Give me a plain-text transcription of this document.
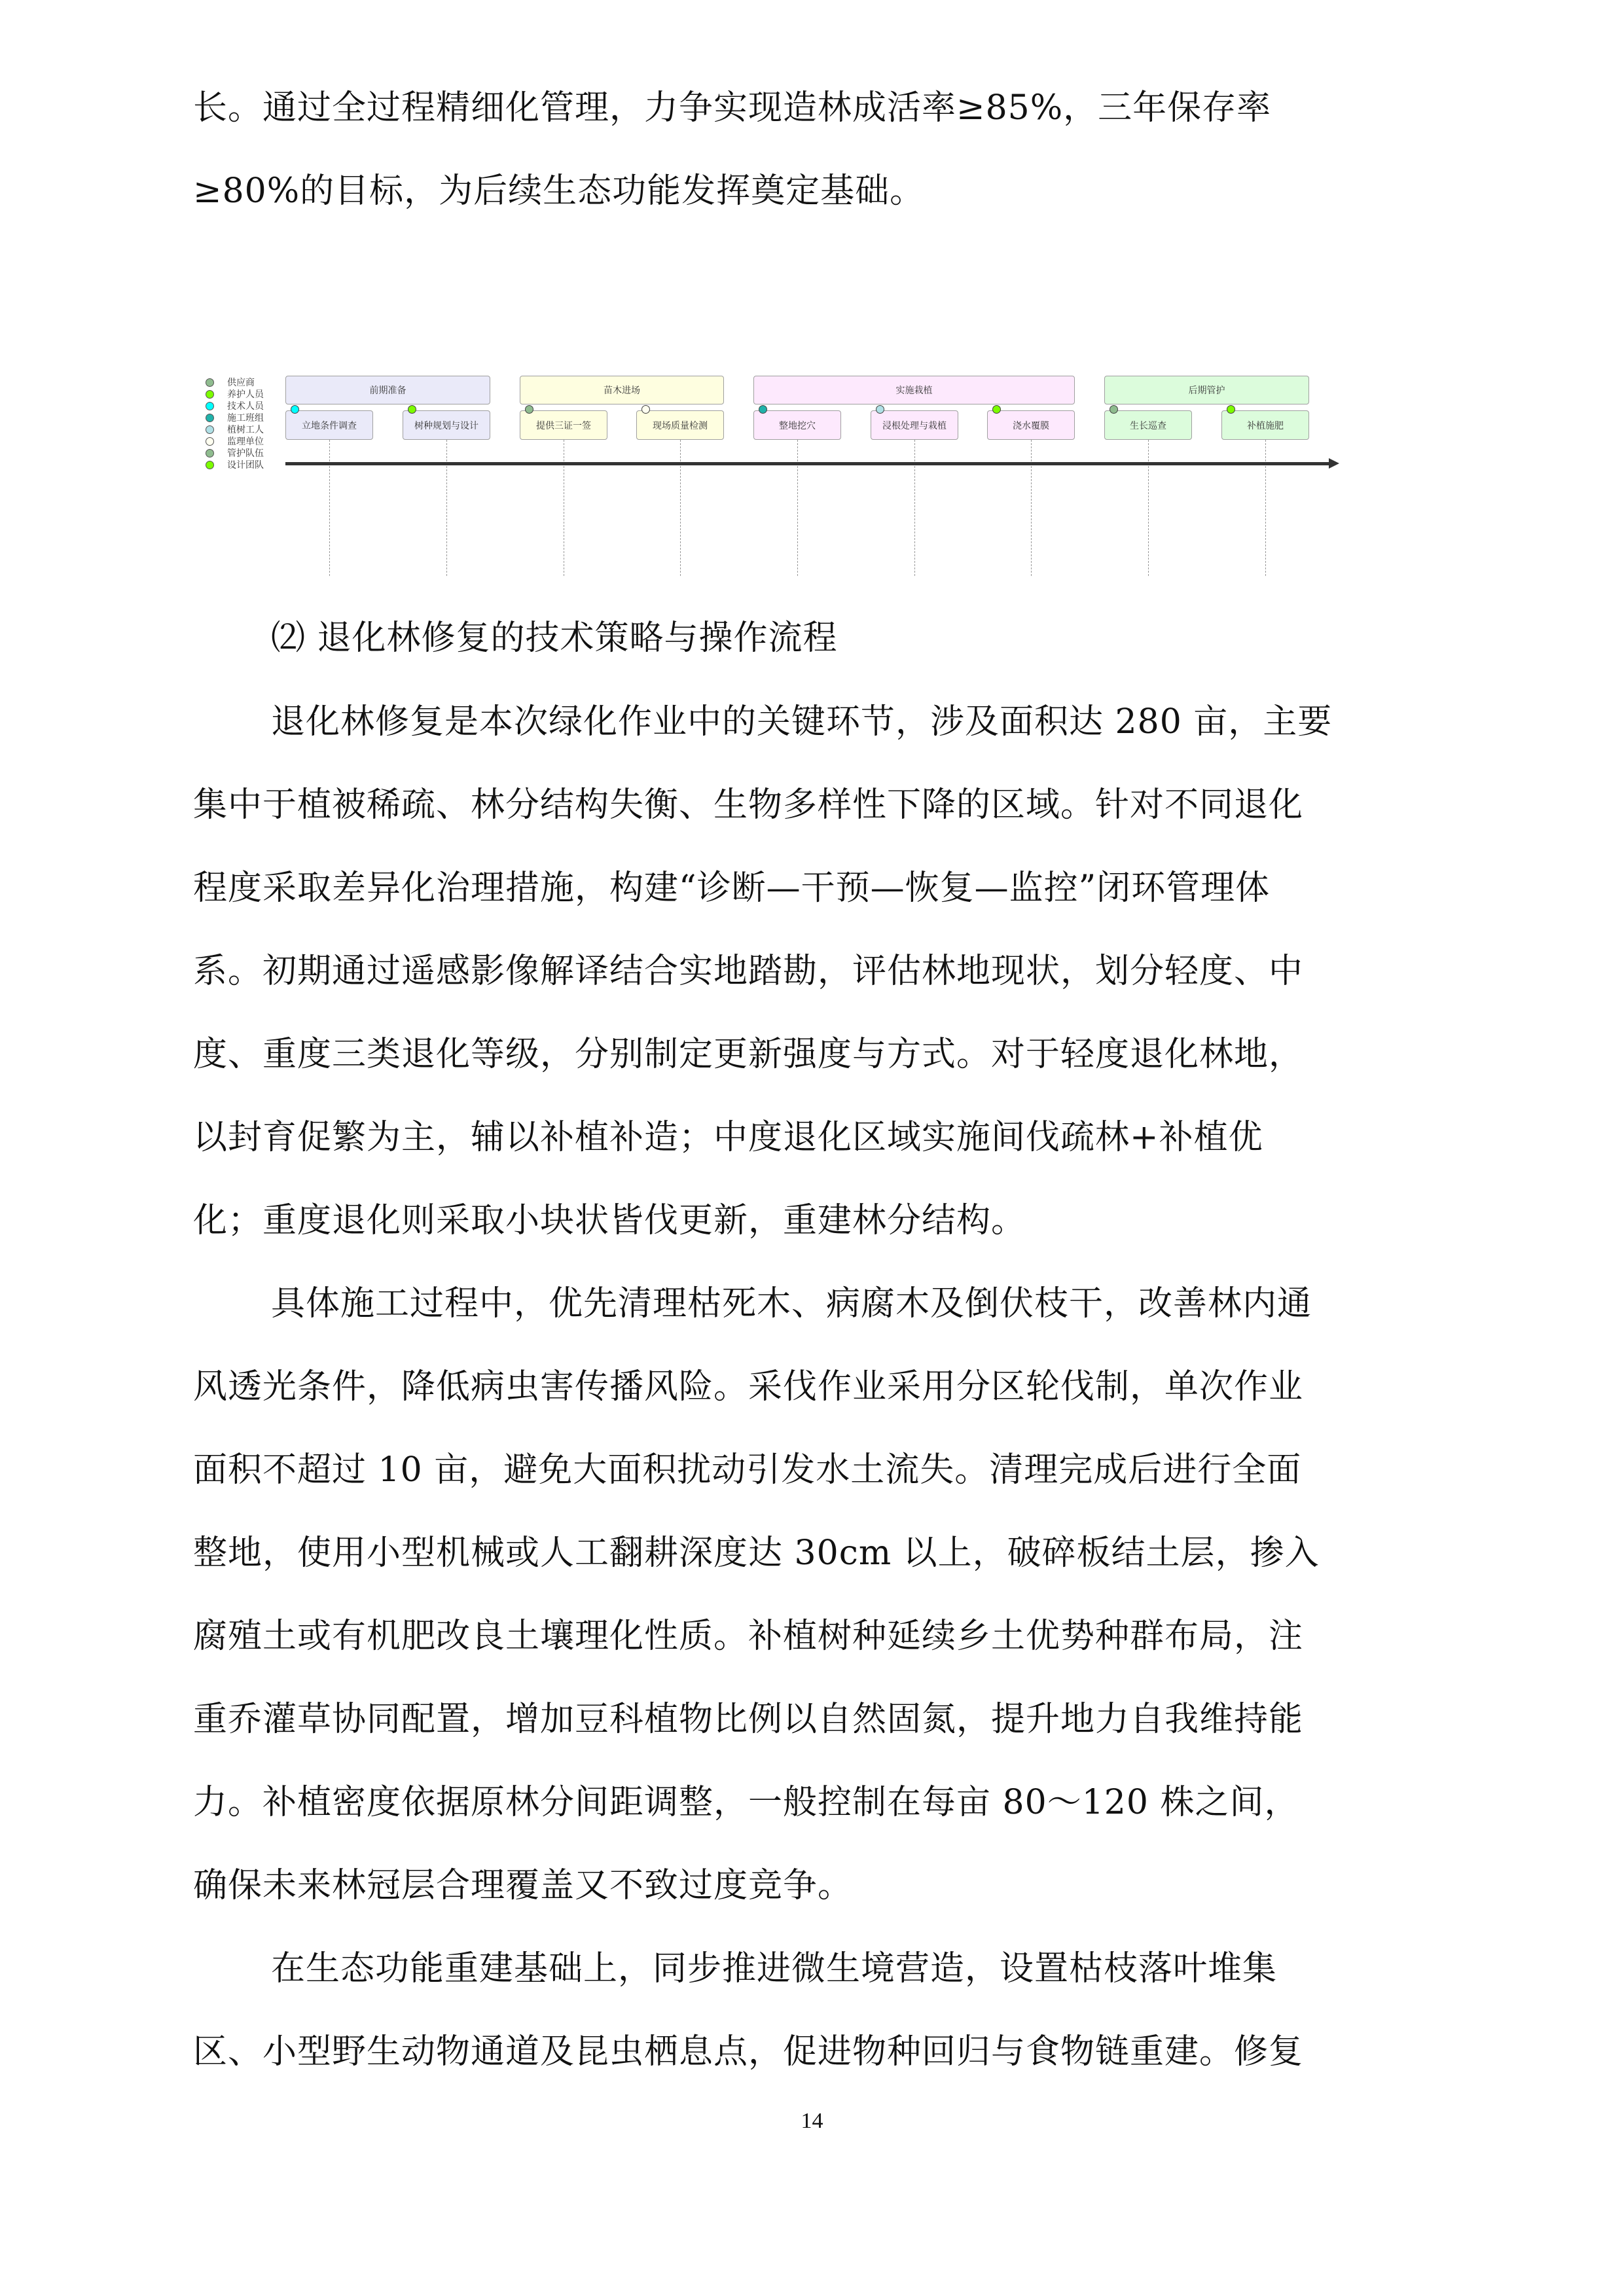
长。通过全过程精细化管理，力争实现造林成活率≥85%，三年保存率
≥80%的目标，为后续生态功能发挥奠定基础。
供应商
养护人员
技术人员
施工班组
植树工人
监理单位
管护队伍
设计团队
前期准备	苗木进场	实施栽植	后期管护
立地条件调查	树种规划与设计	提供三证一签	现场质量检测	整地挖穴	浸根处理与栽植	浇水覆膜	生长巡查	补植施肥
⑵ 退化林修复的技术策略与操作流程
退化林修复是本次绿化作业中的关键环节，涉及面积达 280 亩，主要
集中于植被稀疏、林分结构失衡、生物多样性下降的区域。针对不同退化
程度采取差异化治理措施，构建“诊断—干预—恢复—监控”闭环管理体
系。初期通过遥感影像解译结合实地踏勘，评估林地现状，划分轻度、中
度、重度三类退化等级，分别制定更新强度与方式。对于轻度退化林地，
以封育促繁为主，辅以补植补造；中度退化区域实施间伐疏林+补植优
化；重度退化则采取小块状皆伐更新，重建林分结构。
具体施工过程中，优先清理枯死木、病腐木及倒伏枝干，改善林内通
风透光条件，降低病虫害传播风险。采伐作业采用分区轮伐制，单次作业
面积不超过 10 亩，避免大面积扰动引发水土流失。清理完成后进行全面
整地，使用小型机械或人工翻耕深度达 30cm 以上，破碎板结土层，掺入
腐殖土或有机肥改良土壤理化性质。补植树种延续乡土优势种群布局，注
重乔灌草协同配置，增加豆科植物比例以自然固氮，提升地力自我维持能
力。补植密度依据原林分间距调整，一般控制在每亩 80～120 株之间，
确保未来林冠层合理覆盖又不致过度竞争。
在生态功能重建基础上，同步推进微生境营造，设置枯枝落叶堆集
区、小型野生动物通道及昆虫栖息点，促进物种回归与食物链重建。修复
14
